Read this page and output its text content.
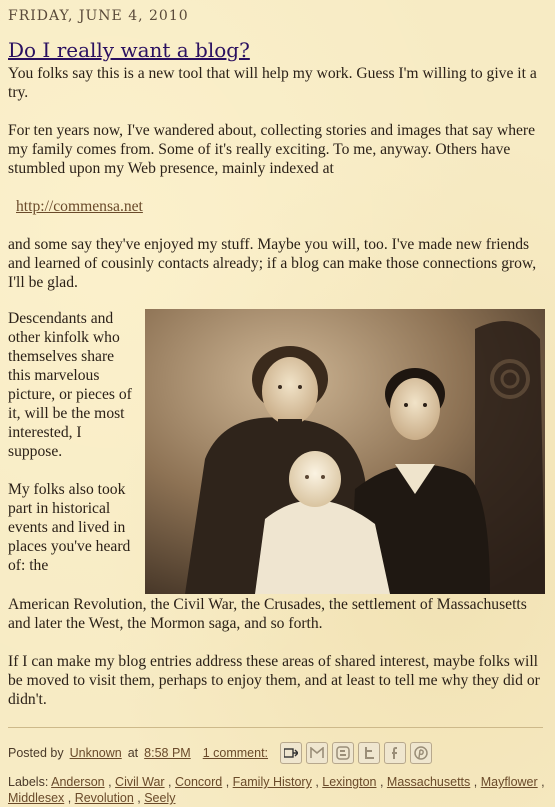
FRIDAY, JUNE 4, 2010
Do I really want a blog?

You folks say this is a new tool that will help my work. Guess I'm willing to give it a try.

For ten years now, I've wandered about, collecting stories and images that say where my family comes from. Some of it's really exciting. To me, anyway. Others have stumbled upon my Web presence, mainly indexed at

http://commensa.net

and some say they've enjoyed my stuff. Maybe you will, too. I've made new friends and learned of cousinly contacts already; if a blog can make those connections grow, I'll be glad.

Descendants and other kinfolk who themselves share this marvelous picture, or pieces of it, will be the most interested, I suppose.

My folks also took part in historical events and lived in places you've heard of: the

American Revolution, the Civil War, the Crusades, the settlement of Massachusetts and later the West, the Mormon saga, and so forth.

If I can make my blog entries address these areas of shared interest, maybe folks will be moved to visit them, perhaps to enjoy them, and at least to tell me why they did or didn't.

Posted by Unknown at 8:58 PM 1 comment:
Labels: Anderson , Civil War , Concord , Family History , Lexington , Massachusetts , Mayflower , Middlesex , Revolution , Seely
